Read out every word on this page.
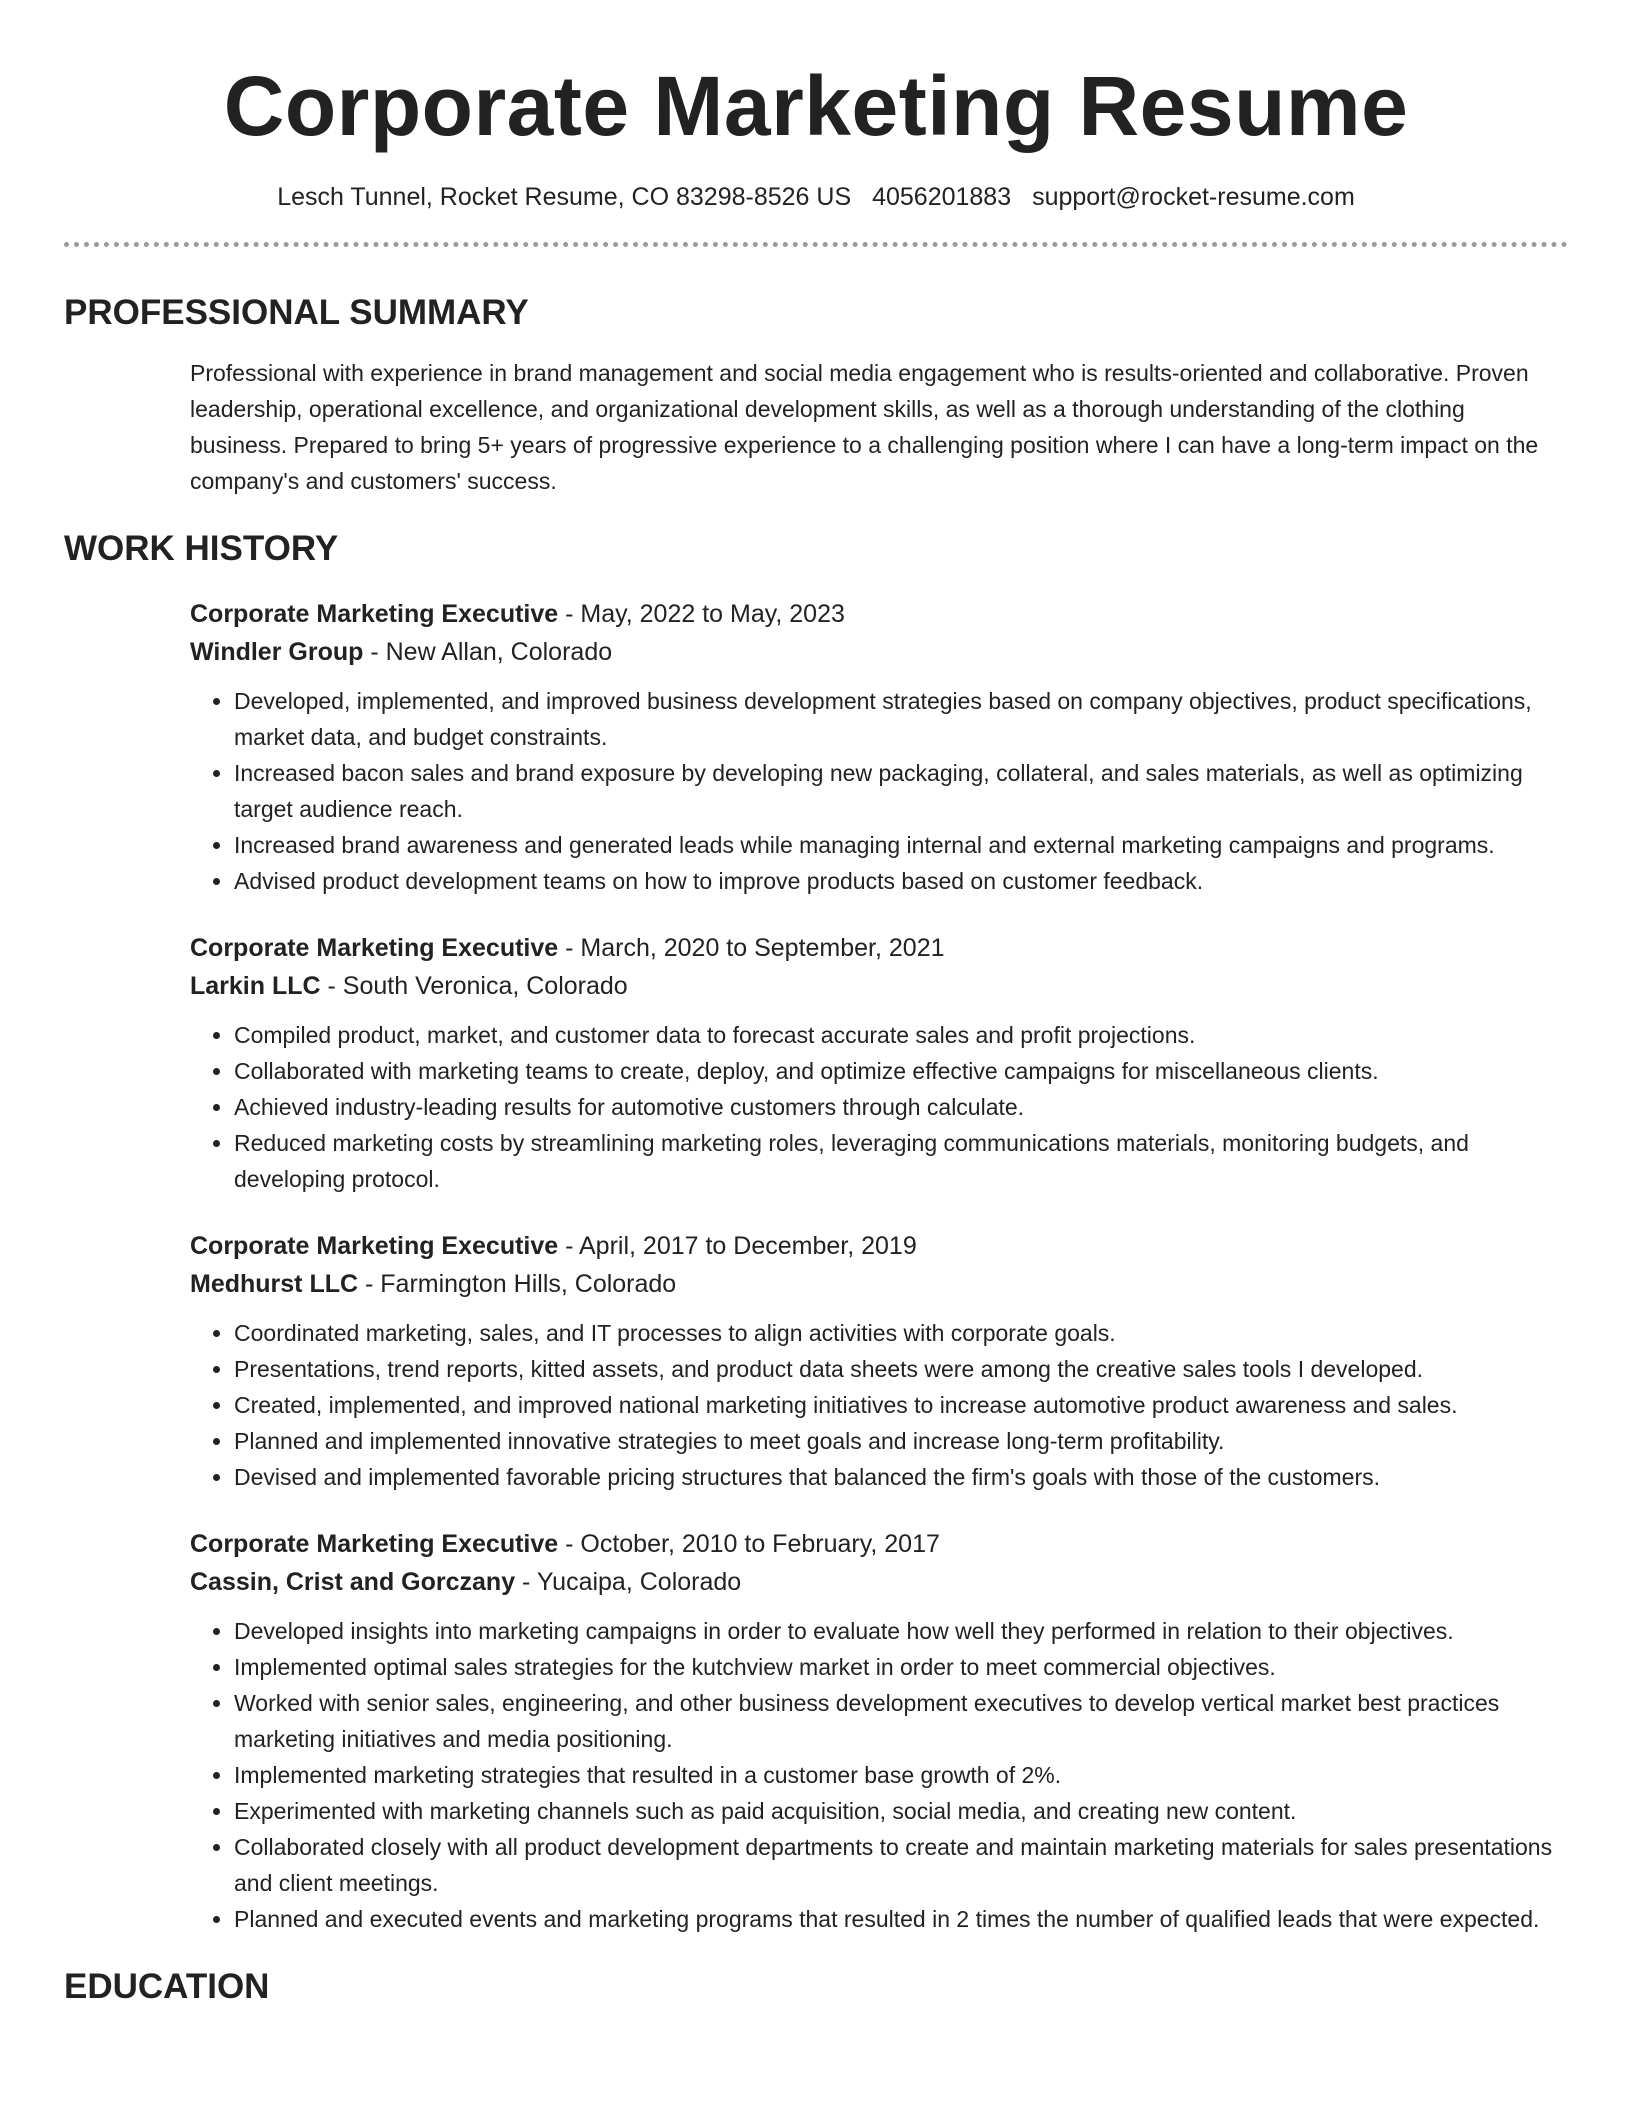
Corporate Marketing Resume
Lesch Tunnel, Rocket Resume, CO 83298-8526 US 4056201883 support@rocket-resume.com
PROFESSIONAL SUMMARY

Professional with experience in brand management and social media engagement who is results-oriented and collaborative. Proven leadership, operational excellence, and organizational development skills, as well as a thorough understanding of the clothing business. Prepared to bring 5+ years of progressive experience to a challenging position where I can have a long-term impact on the company's and customers' success.

WORK HISTORY
Corporate Marketing Executive - May, 2022 to May, 2023
Windler Group - New Allan, Colorado
• Developed, implemented, and improved business development strategies based on company objectives, product specifications, market data, and budget constraints.
• Increased bacon sales and brand exposure by developing new packaging, collateral, and sales materials, as well as optimizing target audience reach.
• Increased brand awareness and generated leads while managing internal and external marketing campaigns and programs.
• Advised product development teams on how to improve products based on customer feedback.
Corporate Marketing Executive - March, 2020 to September, 2021
Larkin LLC - South Veronica, Colorado
• Compiled product, market, and customer data to forecast accurate sales and profit projections.
• Collaborated with marketing teams to create, deploy, and optimize effective campaigns for miscellaneous clients.
• Achieved industry-leading results for automotive customers through calculate.
• Reduced marketing costs by streamlining marketing roles, leveraging communications materials, monitoring budgets, and developing protocol.
Corporate Marketing Executive - April, 2017 to December, 2019
Medhurst LLC - Farmington Hills, Colorado
• Coordinated marketing, sales, and IT processes to align activities with corporate goals.
• Presentations, trend reports, kitted assets, and product data sheets were among the creative sales tools I developed.
• Created, implemented, and improved national marketing initiatives to increase automotive product awareness and sales.
• Planned and implemented innovative strategies to meet goals and increase long-term profitability.
• Devised and implemented favorable pricing structures that balanced the firm's goals with those of the customers.
Corporate Marketing Executive - October, 2010 to February, 2017
Cassin, Crist and Gorczany - Yucaipa, Colorado
• Developed insights into marketing campaigns in order to evaluate how well they performed in relation to their objectives.
• Implemented optimal sales strategies for the kutchview market in order to meet commercial objectives.
• Worked with senior sales, engineering, and other business development executives to develop vertical market best practices marketing initiatives and media positioning.
• Implemented marketing strategies that resulted in a customer base growth of 2%.
• Experimented with marketing channels such as paid acquisition, social media, and creating new content.
• Collaborated closely with all product development departments to create and maintain marketing materials for sales presentations and client meetings.
• Planned and executed events and marketing programs that resulted in 2 times the number of qualified leads that were expected.
EDUCATION
